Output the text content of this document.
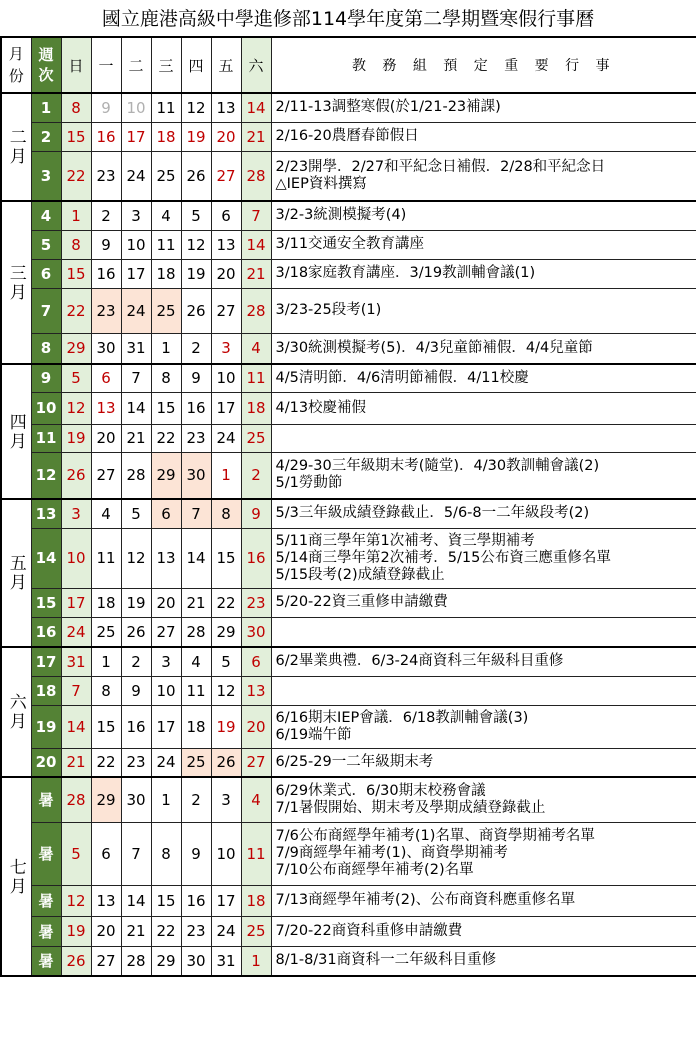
國立鹿港高級中學進修部114學年度第二學期暨寒假行事曆
月份	週次	日	一	二	三	四	五	六	教 務 組 預 定 重 要 行 事
二月	1	8	9	10	11	12	13	14	2/11-13調整寒假(於1/21-23補課)
	2	15	16	17	18	19	20	21	2/16-20農曆春節假日
	3	22	23	24	25	26	27	28	2/23開學．2/27和平紀念日補假．2/28和平紀念日
△IEP資料撰寫
三月	4	1	2	3	4	5	6	7	3/2-3統測模擬考(4)
	5	8	9	10	11	12	13	14	3/11交通安全教育講座
	6	15	16	17	18	19	20	21	3/18家庭教育講座．3/19教訓輔會議(1)
	7	22	23	24	25	26	27	28	3/23-25段考(1)
	8	29	30	31	1	2	3	4	3/30統測模擬考(5)．4/3兒童節補假．4/4兒童節
四月	9	5	6	7	8	9	10	11	4/5清明節．4/6清明節補假．4/11校慶
	10	12	13	14	15	16	17	18	4/13校慶補假
	11	19	20	21	22	23	24	25	
	12	26	27	28	29	30	1	2	4/29-30三年級期末考(隨堂)．4/30教訓輔會議(2)
5/1勞動節
五月	13	3	4	5	6	7	8	9	5/3三年級成績登錄截止．5/6-8一二年級段考(2)
	14	10	11	12	13	14	15	16	5/11商三學年第1次補考、資三學期補考
5/14商三學年第2次補考．5/15公布資三應重修名單
5/15段考(2)成績登錄截止
	15	17	18	19	20	21	22	23	5/20-22資三重修申請繳費
	16	24	25	26	27	28	29	30	
六月	17	31	1	2	3	4	5	6	6/2畢業典禮．6/3-24商資科三年級科目重修
	18	7	8	9	10	11	12	13	
	19	14	15	16	17	18	19	20	6/16期末IEP會議．6/18教訓輔會議(3)
6/19端午節
	20	21	22	23	24	25	26	27	6/25-29一二年級期末考
七月	暑	28	29	30	1	2	3	4	6/29休業式．6/30期末校務會議
7/1暑假開始、期末考及學期成績登錄截止
	暑	5	6	7	8	9	10	11	7/6公布商經學年補考(1)名單、商資學期補考名單
7/9商經學年補考(1)、商資學期補考
7/10公布商經學年補考(2)名單
	暑	12	13	14	15	16	17	18	7/13商經學年補考(2)、公布商資科應重修名單
	暑	19	20	21	22	23	24	25	7/20-22商資科重修申請繳費
	暑	26	27	28	29	30	31	1	8/1-8/31商資科一二年級科目重修
